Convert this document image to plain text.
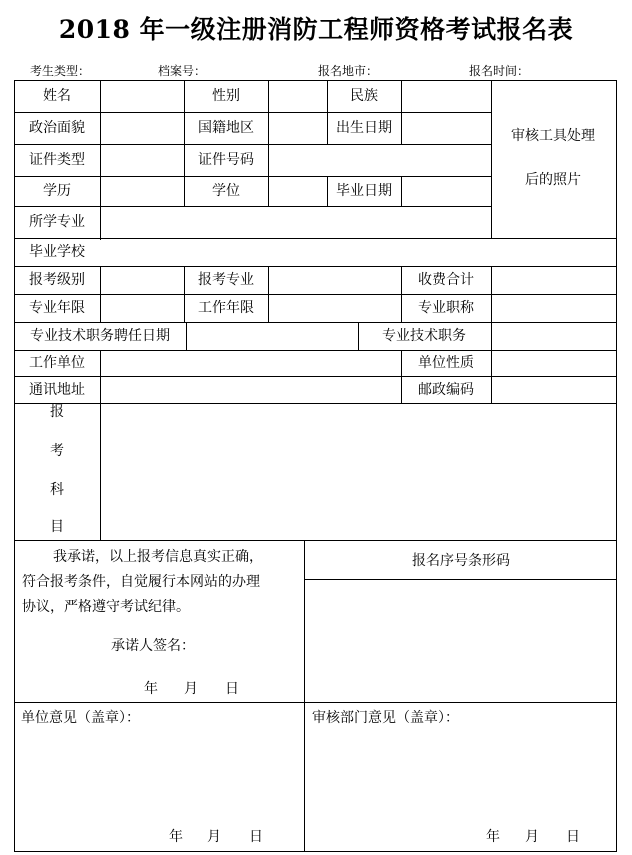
2018 年一级注册消防工程师资格考试报名表
考生类型：	档案号：	报名地市：	报名时间：
姓名	性别	民族
政治面貌	国籍地区	出生日期
证件类型	证件号码
学历	学位	毕业日期
所学专业
审核工具处理
后的照片
毕业学校
报考级别	报考专业	收费合计
专业年限	工作年限	专业职称
专业技术职务聘任日期	专业技术职务
工作单位	单位性质
通讯地址	邮政编码
报
考
科
目
我承诺，以上报考信息真实正确，
符合报考条件，自觉履行本网站的办理
协议，严格遵守考试纪律。
承诺人签名：
年 月 日
报名序号条形码
单位意见（盖章）：
年 月 日
审核部门意见（盖章）：
年 月 日
